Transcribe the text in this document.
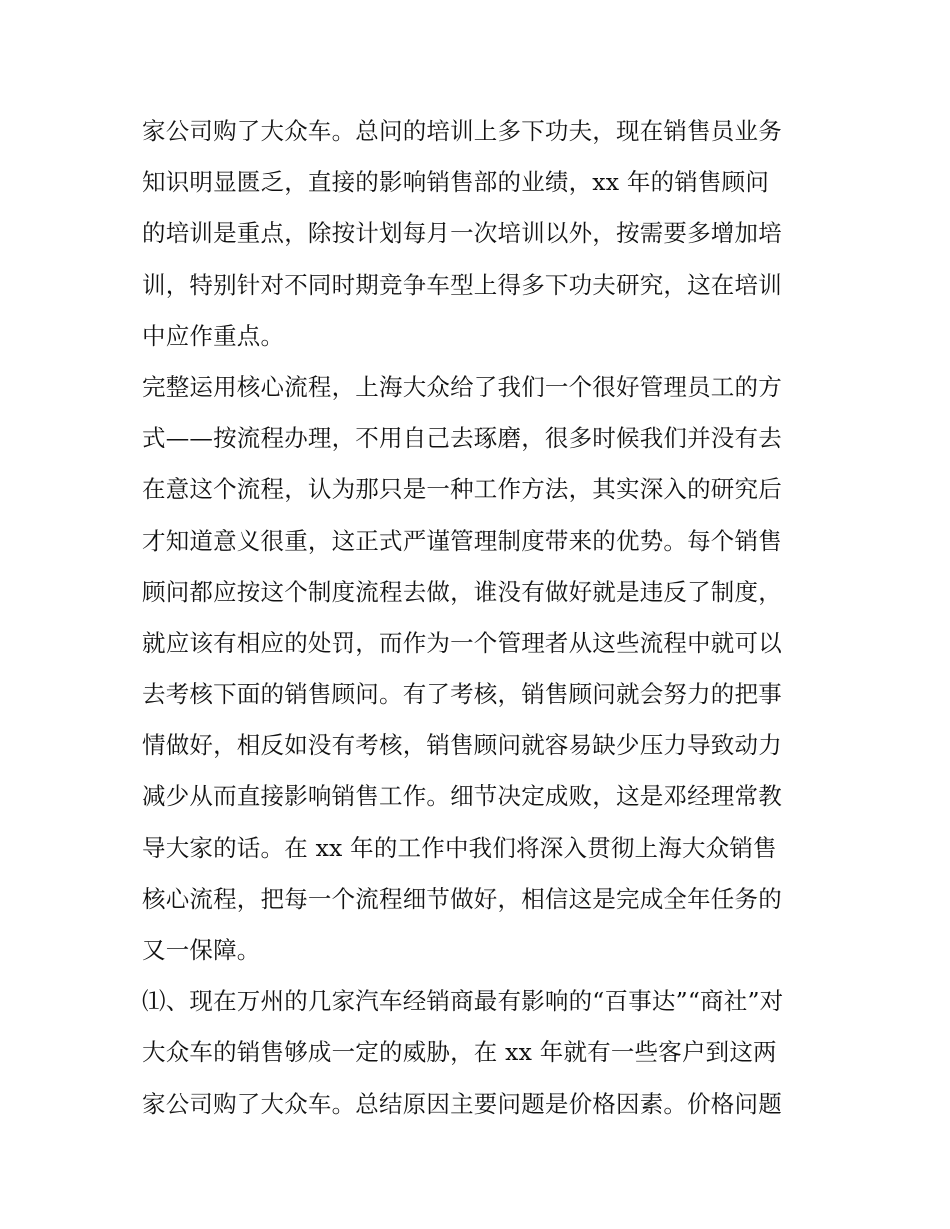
家公司购了大众车。总问的培训上多下功夫，现在销售员业务
知识明显匮乏，直接的影响销售部的业绩，xx 年的销售顾问
的培训是重点，除按计划每月一次培训以外，按需要多增加培
训，特别针对不同时期竞争车型上得多下功夫研究，这在培训
中应作重点。
完整运用核心流程，上海大众给了我们一个很好管理员工的方
式——按流程办理，不用自己去琢磨，很多时候我们并没有去
在意这个流程，认为那只是一种工作方法，其实深入的研究后
才知道意义很重，这正式严谨管理制度带来的优势。每个销售
顾问都应按这个制度流程去做，谁没有做好就是违反了制度，
就应该有相应的处罚，而作为一个管理者从这些流程中就可以
去考核下面的销售顾问。有了考核，销售顾问就会努力的把事
情做好，相反如没有考核，销售顾问就容易缺少压力导致动力
减少从而直接影响销售工作。细节决定成败，这是邓经理常教
导大家的话。在 xx 年的工作中我们将深入贯彻上海大众销售
核心流程，把每一个流程细节做好，相信这是完成全年任务的
又一保障。
⑴、现在万州的几家汽车经销商最有影响的“百事达”“商社”对
大众车的销售够成一定的威胁，在 xx 年就有一些客户到这两
家公司购了大众车。总结原因主要问题是价格因素。价格问题
